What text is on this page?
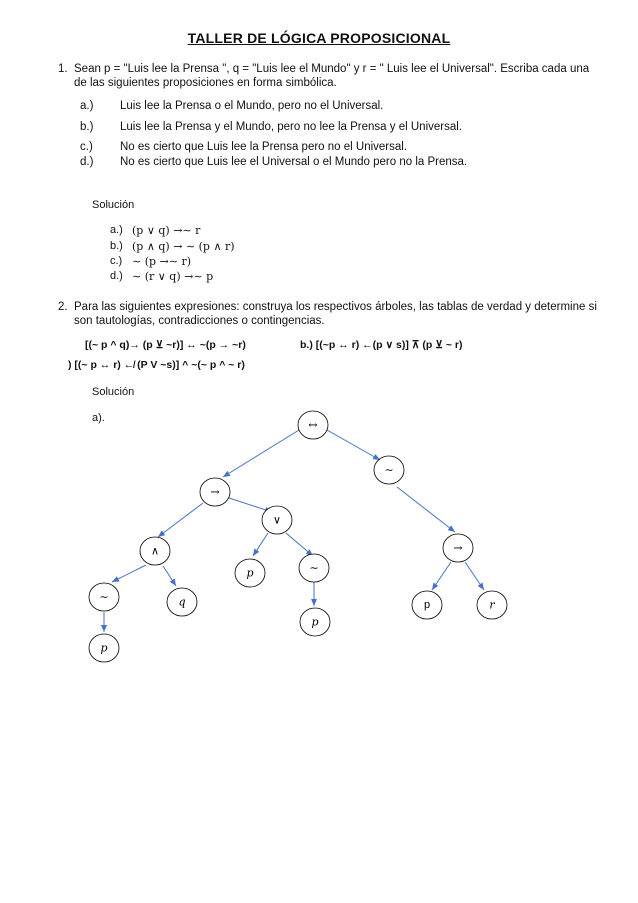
TALLER DE LÓGICA PROPOSICIONAL
1. Sean p = "Luis lee la Prensa ", q = "Luis lee el Mundo" y r = " Luis lee el Universal". Escriba cada una
de las siguientes proposiciones en forma simbólica.
a.) Luis lee la Prensa o el Mundo, pero no el Universal.
b.) Luis lee la Prensa y el Mundo, pero no lee la Prensa y el Universal.
c.) No es cierto que Luis lee la Prensa pero no el Universal.
d.) No es cierto que Luis lee el Universal o el Mundo pero no la Prensa.
Solución
a.) (p ∨ q) →∼ r
b.) (p ∧ q) → ∼ (p ∧ r)
c.) ∼ (p →∼ r)
d.) ∼ (r ∨ q) →∼ p
2. Para las siguientes expresiones: construya los respectivos árboles, las tablas de verdad y determine si
son tautologías, contradicciones o contingencias.
[(~ p ^ q)→ (p ⊻ ~r)] ↔ ~(p → ~r)	b.) [(~p ↔ r) ←(p ∨ s)] ⊼ (p ⊻ ~ r)
) [(~ p ↔ r) ↚ (P V ~s)] ^ ~(~ p ^ ~ r)
Solución
a).
↔
∼
→
∨
∧	→
p	∼
∼	q	p	r
p
p
